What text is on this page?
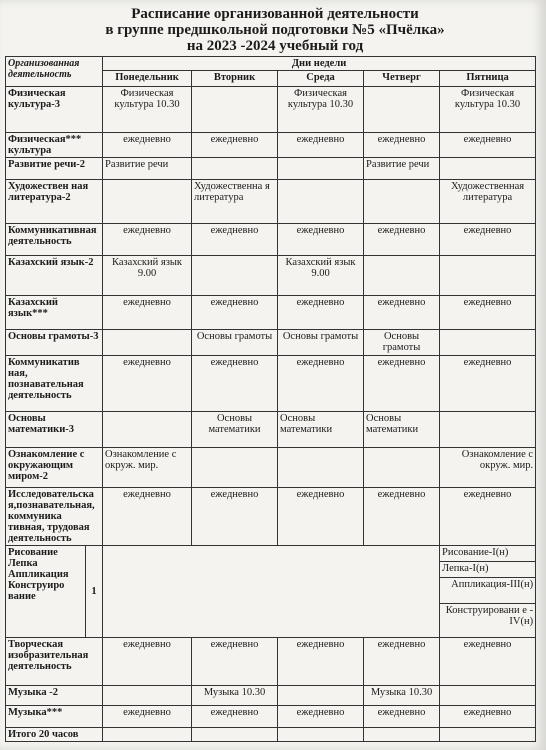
Расписание организованной деятельности
в группе предшкольной подготовки №5 «Пчёлка»
на 2023 -2024 учебный год
Организованная деятельность		Дни недели				
		Понедельник	Вторник	Среда	Четверг	Пятница
Физическая культура-3		Физическая культура 10.30		Физическая культура 10.30		Физическая культура 10.30
Физическая*** культура		ежедневно	ежедневно	ежедневно	ежедневно	ежедневно
Развитие речи-2		Развитие речи			Развитие речи	
Художествен ная литература-2			Художественна я литература			Художественная литература
Коммуникативная деятельность		ежедневно	ежедневно	ежедневно	ежедневно	ежедневно
Казахский язык-2		Казахский язык 9.00		Казахский язык 9.00		
Казахский язык***		ежедневно	ежедневно	ежедневно	ежедневно	ежедневно
Основы грамоты-3			Основы грамоты	Основы грамоты	Основы грамоты	
Коммуникатив ная, познавательная деятельность		ежедневно	ежедневно	ежедневно	ежедневно	ежедневно
Основы математики-3			Основы математики	Основы математики	Основы математики	
Ознакомление с окружающим миром-2		Ознакомление с окруж. мир.				Ознакомление с окруж. мир.
Исследовательска я,познавательная, коммуника тивная, трудовая деятельность		ежедневно	ежедневно	ежедневно	ежедневно	ежедневно
Рисование Лепка Аппликация Конструиро вание	1					Рисование-I(н)
						Лепка-I(н)
						Аппликация-III(н)
						Конструировани е -IV(н)
Творческая изобразительная деятельность		ежедневно	ежедневно	ежедневно	ежедневно	ежедневно
Музыка -2			Музыка 10.30		Музыка 10.30	
Музыка***		ежедневно	ежедневно	ежедневно	ежедневно	ежедневно
Итого 20 часов						
